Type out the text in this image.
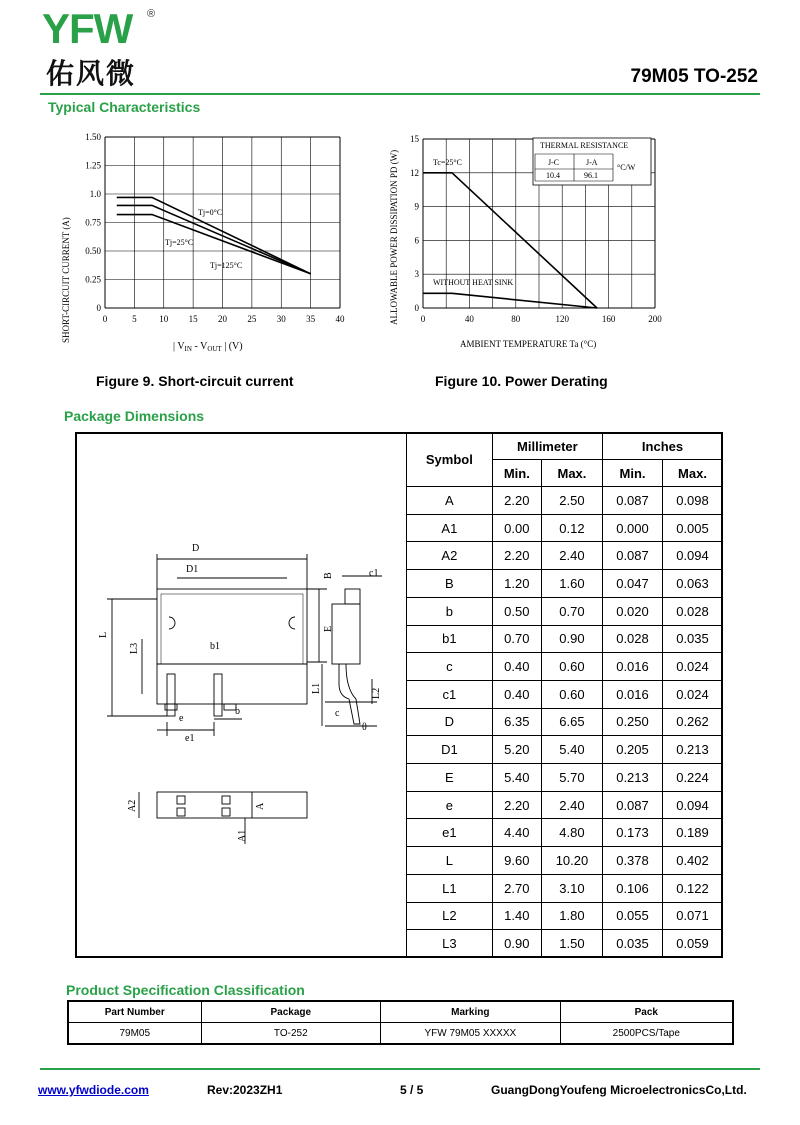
YFW ®
佑风微	79M05 TO-252
Typical Characteristics
0	5	10 15 20 25 30 35 40
0
0.25
0.50
0.75
1.0
1.25
1.50
SHORT-CIRCUIT CURRENT (A)
| $V_{IN} - V_{OUT}$ | (V)
Tj=0°C
Tj=25°C
Tj=125°C
Figure 9. Short-circuit current
0	40	80	120	160	200
0
3
6
9
12
15
ALLOWABLE POWER DISSIPATION PD (W)
AMBIENT TEMPERATURE Ta (°C)
Tc=25°C
WITHOUT HEAT SINK
THERMAL RESISTANCE
J-C	J-A
10.4	96.1
°C/W
Figure 10. Power Derating
Package Dimensions
D
D1
B
E
L
L3	b1
b
e
e1
c1
L1	L2
c
θ
A2	A
A1
Symbol	Millimeter		Inches	
	Min.	Max.	Min.	Max.
A	2.20	2.50	0.087	0.098
A1	0.00	0.12	0.000	0.005
A2	2.20	2.40	0.087	0.094
B	1.20	1.60	0.047	0.063
b	0.50	0.70	0.020	0.028
b1	0.70	0.90	0.028	0.035
c	0.40	0.60	0.016	0.024
c1	0.40	0.60	0.016	0.024
D	6.35	6.65	0.250	0.262
D1	5.20	5.40	0.205	0.213
E	5.40	5.70	0.213	0.224
e	2.20	2.40	0.087	0.094
e1	4.40	4.80	0.173	0.189
L	9.60	10.20	0.378	0.402
L1	2.70	3.10	0.106	0.122
L2	1.40	1.80	0.055	0.071
L3	0.90	1.50	0.035	0.059
Product Specification Classification
Part Number	Package	Marking	Pack
79M05	TO-252	YFW 79M05 XXXXX	2500PCS/Tape
www.yfwdiode.com	Rev:2023ZH1	5 / 5	GuangDongYoufeng MicroelectronicsCo,Ltd.
